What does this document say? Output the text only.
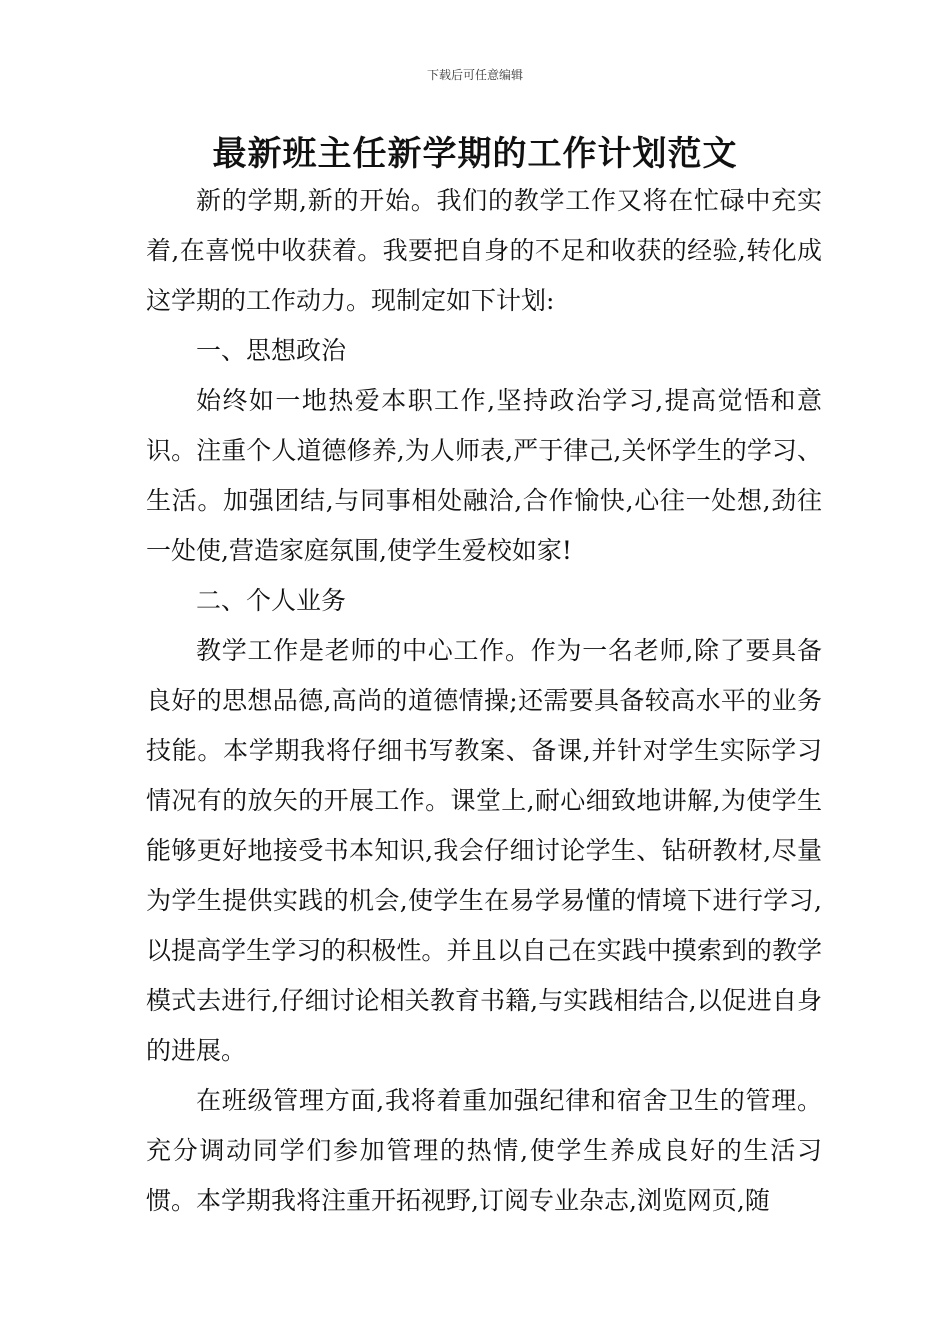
下载后可任意编辑
最新班主任新学期的工作计划范文

新的学期,新的开始。我们的教学工作又将在忙碌中充实着,在喜悦中收获着。我要把自身的不足和收获的经验,转化成这学期的工作动力。现制定如下计划:

一、思想政治

始终如一地热爱本职工作,坚持政治学习,提高觉悟和意识。注重个人道德修养,为人师表,严于律己,关怀学生的学习、生活。加强团结,与同事相处融洽,合作愉快,心往一处想,劲往一处使,营造家庭氛围,使学生爱校如家!

二、个人业务

教学工作是老师的中心工作。作为一名老师,除了要具备良好的思想品德,高尚的道德情操;还需要具备较高水平的业务技能。本学期我将仔细书写教案、备课,并针对学生实际学习情况有的放矢的开展工作。课堂上,耐心细致地讲解,为使学生能够更好地接受书本知识,我会仔细讨论学生、钻研教材,尽量为学生提供实践的机会,使学生在易学易懂的情境下进行学习,以提高学生学习的积极性。并且以自己在实践中摸索到的教学模式去进行,仔细讨论相关教育书籍,与实践相结合,以促进自身的进展。

在班级管理方面,我将着重加强纪律和宿舍卫生的管理。充分调动同学们参加管理的热情,使学生养成良好的生活习惯。本学期我将注重开拓视野,订阅专业杂志,浏览网页,随
